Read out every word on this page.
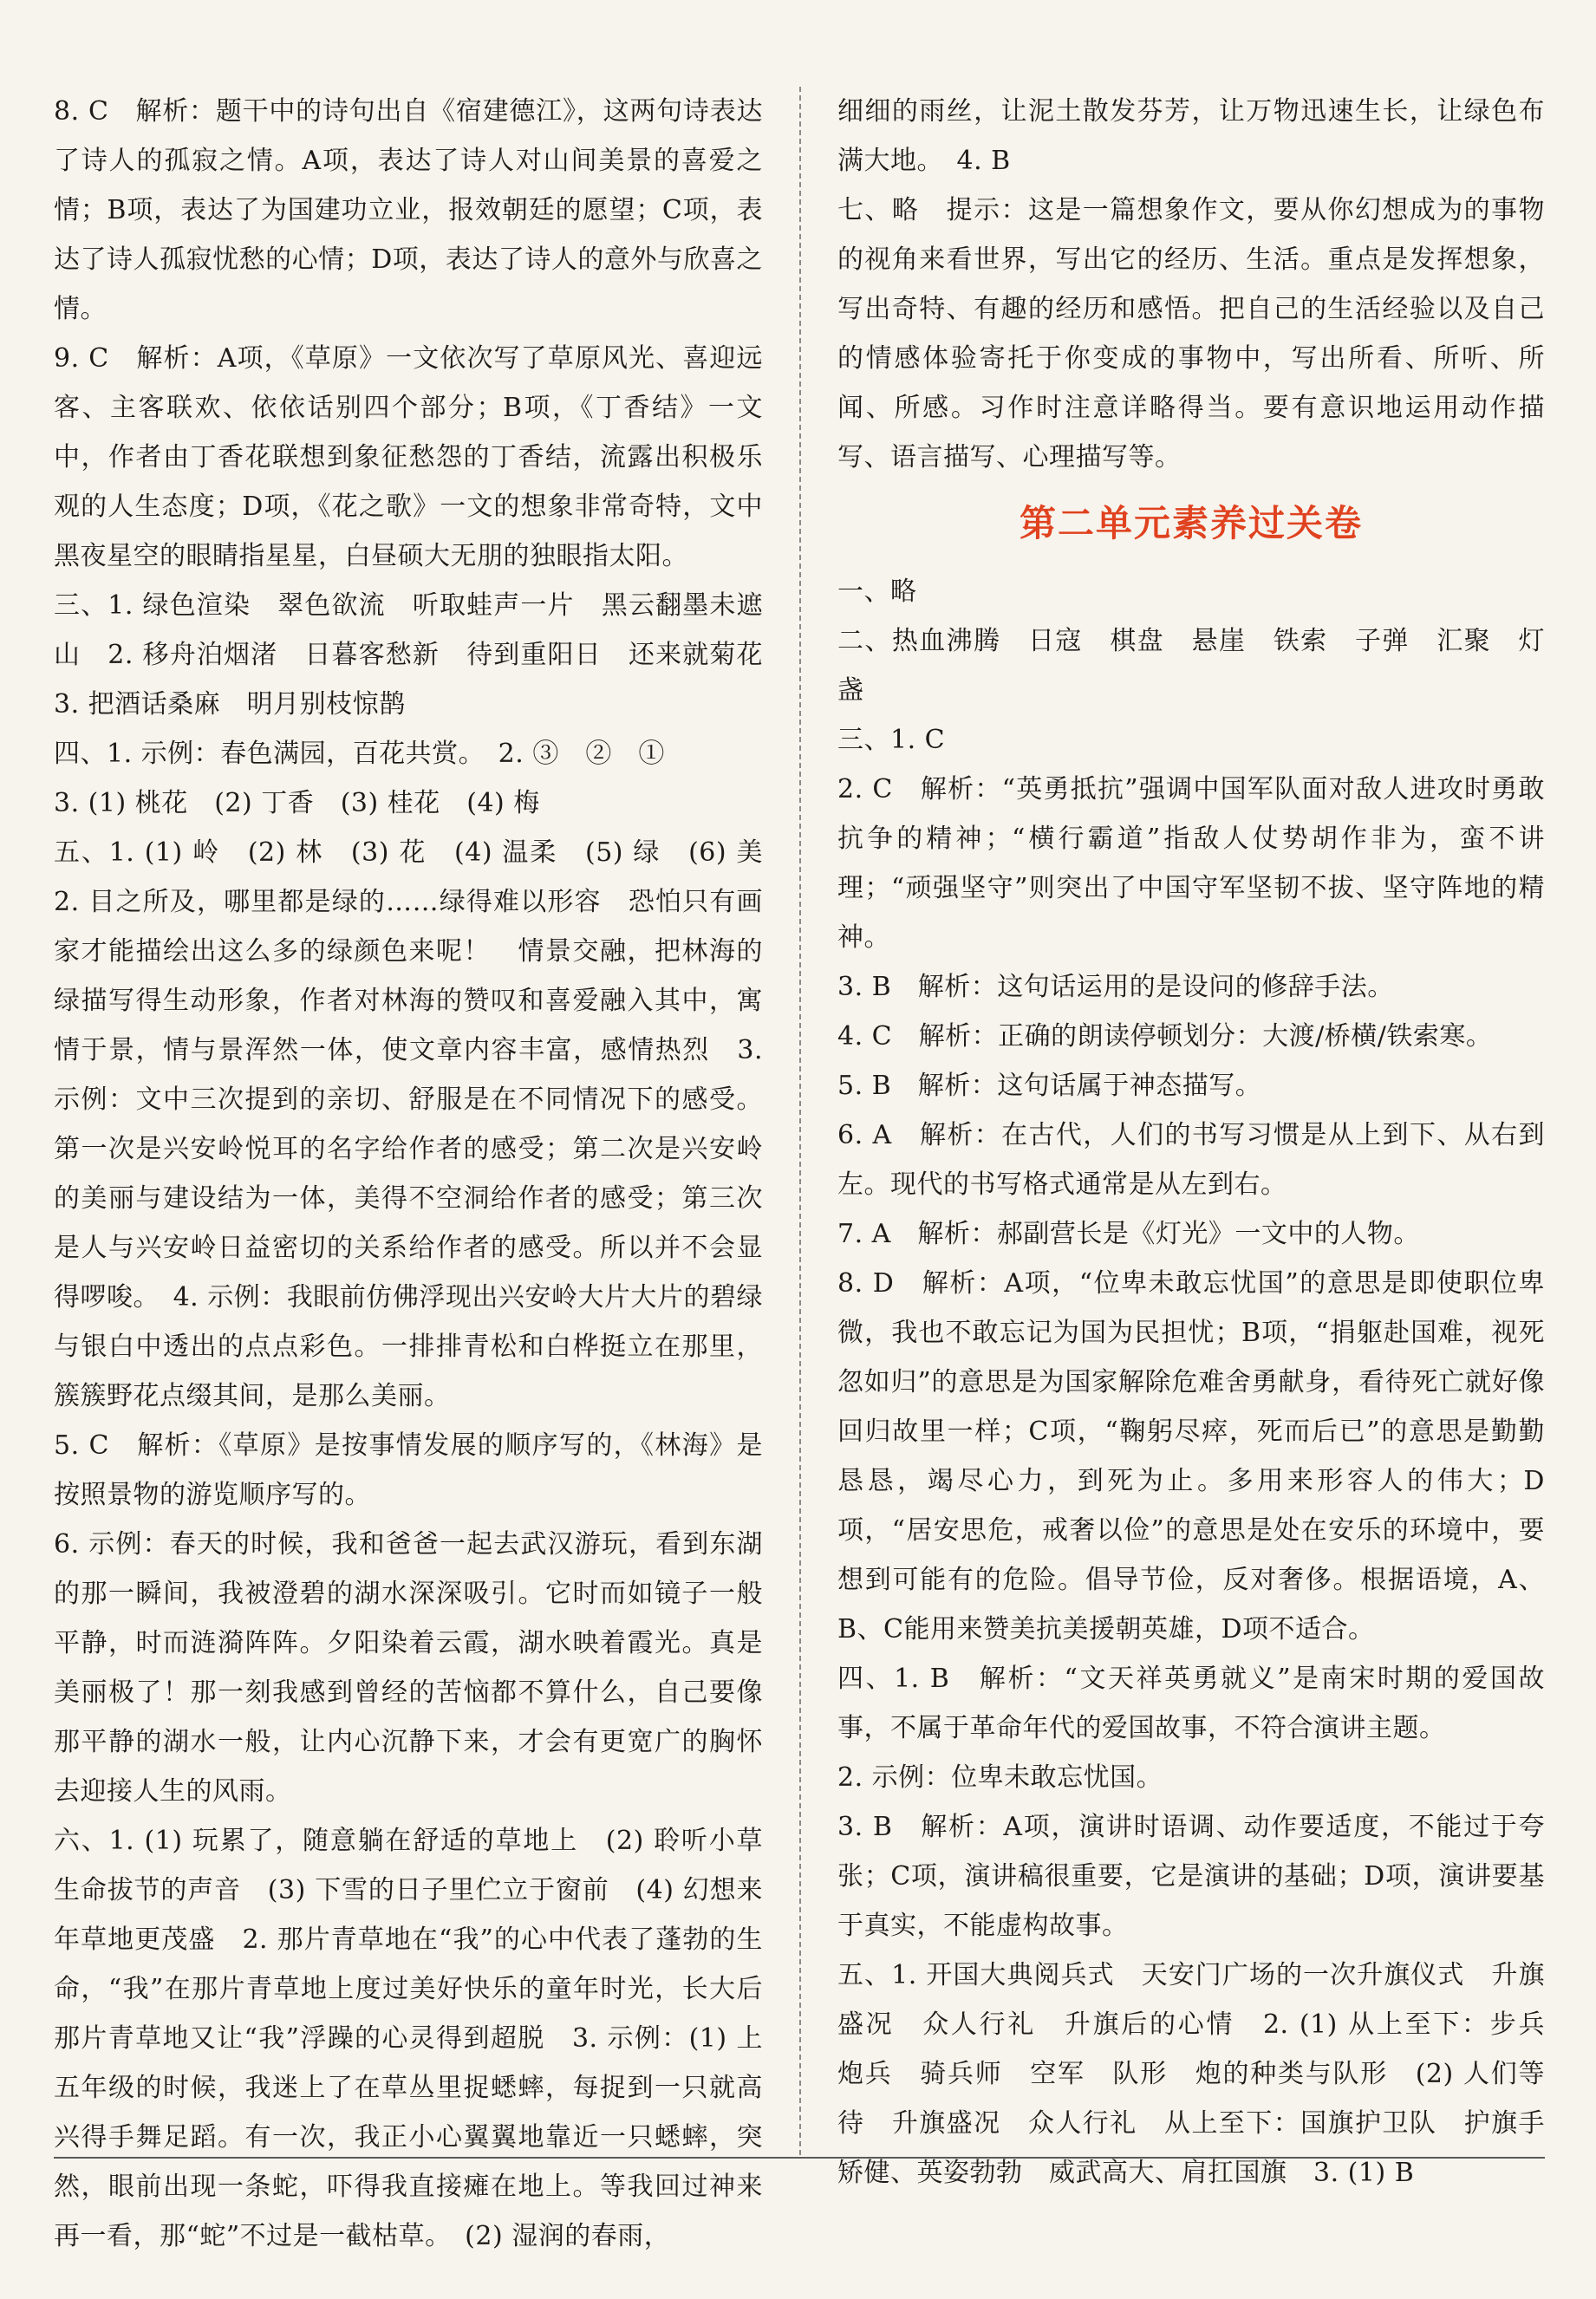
8. C　解析：题干中的诗句出自《宿建德江》，这两句诗表达了诗人的孤寂之情。A项，表达了诗人对山间美景的喜爱之情；B项，表达了为国建功立业，报效朝廷的愿望；C项，表达了诗人孤寂忧愁的心情；D项，表达了诗人的意外与欣喜之情。

9. C　解析：A项，《草原》一文依次写了草原风光、喜迎远客、主客联欢、依依话别四个部分；B项，《丁香结》一文中，作者由丁香花联想到象征愁怨的丁香结，流露出积极乐观的人生态度；D项，《花之歌》一文的想象非常奇特，文中黑夜星空的眼睛指星星，白昼硕大无朋的独眼指太阳。

三、1. 绿色渲染　翠色欲流　听取蛙声一片　黑云翻墨未遮山　2. 移舟泊烟渚　日暮客愁新　待到重阳日　还来就菊花　3. 把酒话桑麻　明月别枝惊鹊

四、1. 示例：春色满园，百花共赏。　2. ③　②　①

3. (1) 桃花　(2) 丁香　(3) 桂花　(4) 梅

五、1. (1) 岭　(2) 林　(3) 花　(4) 温柔　(5) 绿　(6) 美　2. 目之所及，哪里都是绿的……绿得难以形容　恐怕只有画家才能描绘出这么多的绿颜色来呢！　情景交融，把林海的绿描写得生动形象，作者对林海的赞叹和喜爱融入其中，寓情于景，情与景浑然一体，使文章内容丰富，感情热烈　3. 示例：文中三次提到的亲切、舒服是在不同情况下的感受。第一次是兴安岭悦耳的名字给作者的感受；第二次是兴安岭的美丽与建设结为一体，美得不空洞给作者的感受；第三次是人与兴安岭日益密切的关系给作者的感受。所以并不会显得啰唆。　4. 示例：我眼前仿佛浮现出兴安岭大片大片的碧绿与银白中透出的点点彩色。一排排青松和白桦挺立在那里，簇簇野花点缀其间，是那么美丽。

5. C　解析：《草原》是按事情发展的顺序写的，《林海》是按照景物的游览顺序写的。

6. 示例：春天的时候，我和爸爸一起去武汉游玩，看到东湖的那一瞬间，我被澄碧的湖水深深吸引。它时而如镜子一般平静，时而涟漪阵阵。夕阳染着云霞，湖水映着霞光。真是美丽极了！那一刻我感到曾经的苦恼都不算什么，自己要像那平静的湖水一般，让内心沉静下来，才会有更宽广的胸怀去迎接人生的风雨。

六、1. (1) 玩累了，随意躺在舒适的草地上　(2) 聆听小草生命拔节的声音　(3) 下雪的日子里伫立于窗前　(4) 幻想来年草地更茂盛　2. 那片青草地在“我”的心中代表了蓬勃的生命，“我”在那片青草地上度过美好快乐的童年时光，长大后那片青草地又让“我”浮躁的心灵得到超脱　3. 示例：(1) 上五年级的时候，我迷上了在草丛里捉蟋蟀，每捉到一只就高兴得手舞足蹈。有一次，我正小心翼翼地靠近一只蟋蟀，突然，眼前出现一条蛇，吓得我直接瘫在地上。等我回过神来再一看，那“蛇”不过是一截枯草。　(2) 湿润的春雨，

细细的雨丝，让泥土散发芬芳，让万物迅速生长，让绿色布满大地。　4. B

七、略　提示：这是一篇想象作文，要从你幻想成为的事物的视角来看世界，写出它的经历、生活。重点是发挥想象，写出奇特、有趣的经历和感悟。把自己的生活经验以及自己的情感体验寄托于你变成的事物中，写出所看、所听、所闻、所感。习作时注意详略得当。要有意识地运用动作描写、语言描写、心理描写等。

第二单元素养过关卷

一、略

二、热血沸腾　日寇　棋盘　悬崖　铁索　子弹　汇聚　灯盏

三、1. C

2. C　解析：“英勇抵抗”强调中国军队面对敌人进攻时勇敢抗争的精神；“横行霸道”指敌人仗势胡作非为，蛮不讲理；“顽强坚守”则突出了中国守军坚韧不拔、坚守阵地的精神。

3. B　解析：这句话运用的是设问的修辞手法。

4. C　解析：正确的朗读停顿划分：大渡/桥横/铁索寒。

5. B　解析：这句话属于神态描写。

6. A　解析：在古代，人们的书写习惯是从上到下、从右到左。现代的书写格式通常是从左到右。

7. A　解析：郝副营长是《灯光》一文中的人物。

8. D　解析：A项，“位卑未敢忘忧国”的意思是即使职位卑微，我也不敢忘记为国为民担忧；B项，“捐躯赴国难，视死忽如归”的意思是为国家解除危难舍勇献身，看待死亡就好像回归故里一样；C项，“鞠躬尽瘁，死而后已”的意思是勤勤恳恳，竭尽心力，到死为止。多用来形容人的伟大；D项，“居安思危，戒奢以俭”的意思是处在安乐的环境中，要想到可能有的危险。倡导节俭，反对奢侈。根据语境，A、B、C能用来赞美抗美援朝英雄，D项不适合。

四、1. B　解析：“文天祥英勇就义”是南宋时期的爱国故事，不属于革命年代的爱国故事，不符合演讲主题。

2. 示例：位卑未敢忘忧国。

3. B　解析：A项，演讲时语调、动作要适度，不能过于夸张；C项，演讲稿很重要，它是演讲的基础；D项，演讲要基于真实，不能虚构故事。

五、1. 开国大典阅兵式　天安门广场的一次升旗仪式　升旗盛况　众人行礼　升旗后的心情　2. (1) 从上至下：步兵　炮兵　骑兵师　空军　队形　炮的种类与队形　(2) 人们等待　升旗盛况　众人行礼　从上至下：国旗护卫队　护旗手　矫健、英姿勃勃　威武高大、肩扛国旗　3. (1) B
